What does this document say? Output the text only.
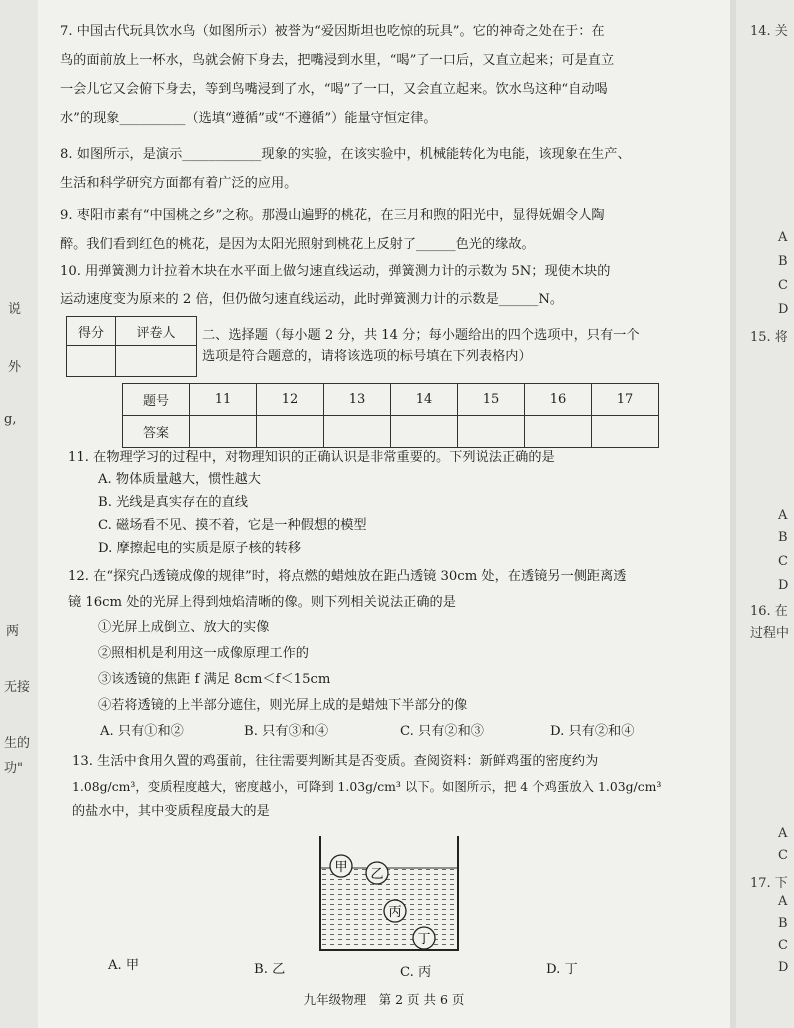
说
外
g,
两
无接
生的
功"
14. 关
A
B
C
D
15. 将
A
B
C
D
16. 在
过程中
A
C
17. 下
A
B
C
D
7. 中国古代玩具饮水鸟（如图所示）被誉为“爱因斯坦也吃惊的玩具”。它的神奇之处在于：在
鸟的面前放上一杯水，鸟就会俯下身去，把嘴浸到水里，“喝”了一口后，又直立起来；可是直立
一会儿它又会俯下身去，等到鸟嘴浸到了水，“喝”了一口，又会直立起来。饮水鸟这种“自动喝
水”的现象__________（选填“遵循”或“不遵循”）能量守恒定律。
8. 如图所示，是演示____________现象的实验，在该实验中，机械能转化为电能，该现象在生产、
生活和科学研究方面都有着广泛的应用。
9. 枣阳市素有“中国桃之乡”之称。那漫山遍野的桃花，在三月和煦的阳光中，显得妩媚令人陶
醉。我们看到红色的桃花，是因为太阳光照射到桃花上反射了______色光的缘故。
10. 用弹簧测力计拉着木块在水平面上做匀速直线运动，弹簧测力计的示数为 5N；现使木块的
运动速度变为原来的 2 倍，但仍做匀速直线运动，此时弹簧测力计的示数是______N。
得分	评卷人
	二、选择题（每小题 2 分，共 14 分；每小题给出的四个选项中，只有一个
选项是符合题意的，请将该选项的标号填在下列表格内）
题号	11	12	13	14	15	16	17
答案							
11. 在物理学习的过程中，对物理知识的正确认识是非常重要的。下列说法正确的是
A. 物体质量越大，惯性越大
B. 光线是真实存在的直线
C. 磁场看不见、摸不着，它是一种假想的模型
D. 摩擦起电的实质是原子核的转移
12. 在“探究凸透镜成像的规律”时，将点燃的蜡烛放在距凸透镜 30cm 处，在透镜另一侧距离透
镜 16cm 处的光屏上得到烛焰清晰的像。则下列相关说法正确的是
①光屏上成倒立、放大的实像
②照相机是利用这一成像原理工作的
③该透镜的焦距 f 满足 8cm＜f＜15cm
④若将透镜的上半部分遮住，则光屏上成的是蜡烛下半部分的像
A. 只有①和②	B. 只有③和④	C. 只有②和③	D. 只有②和④
13. 生活中食用久置的鸡蛋前，往往需要判断其是否变质。查阅资料：新鲜鸡蛋的密度约为
1.08g/cm³，变质程度越大，密度越小，可降到 1.03g/cm³ 以下。如图所示，把 4 个鸡蛋放入 1.03g/cm³
的盐水中，其中变质程度最大的是
甲 乙
丙
丁
A. 甲	B. 乙	C. 丙	D. 丁
九年级物理　第 2 页 共 6 页
